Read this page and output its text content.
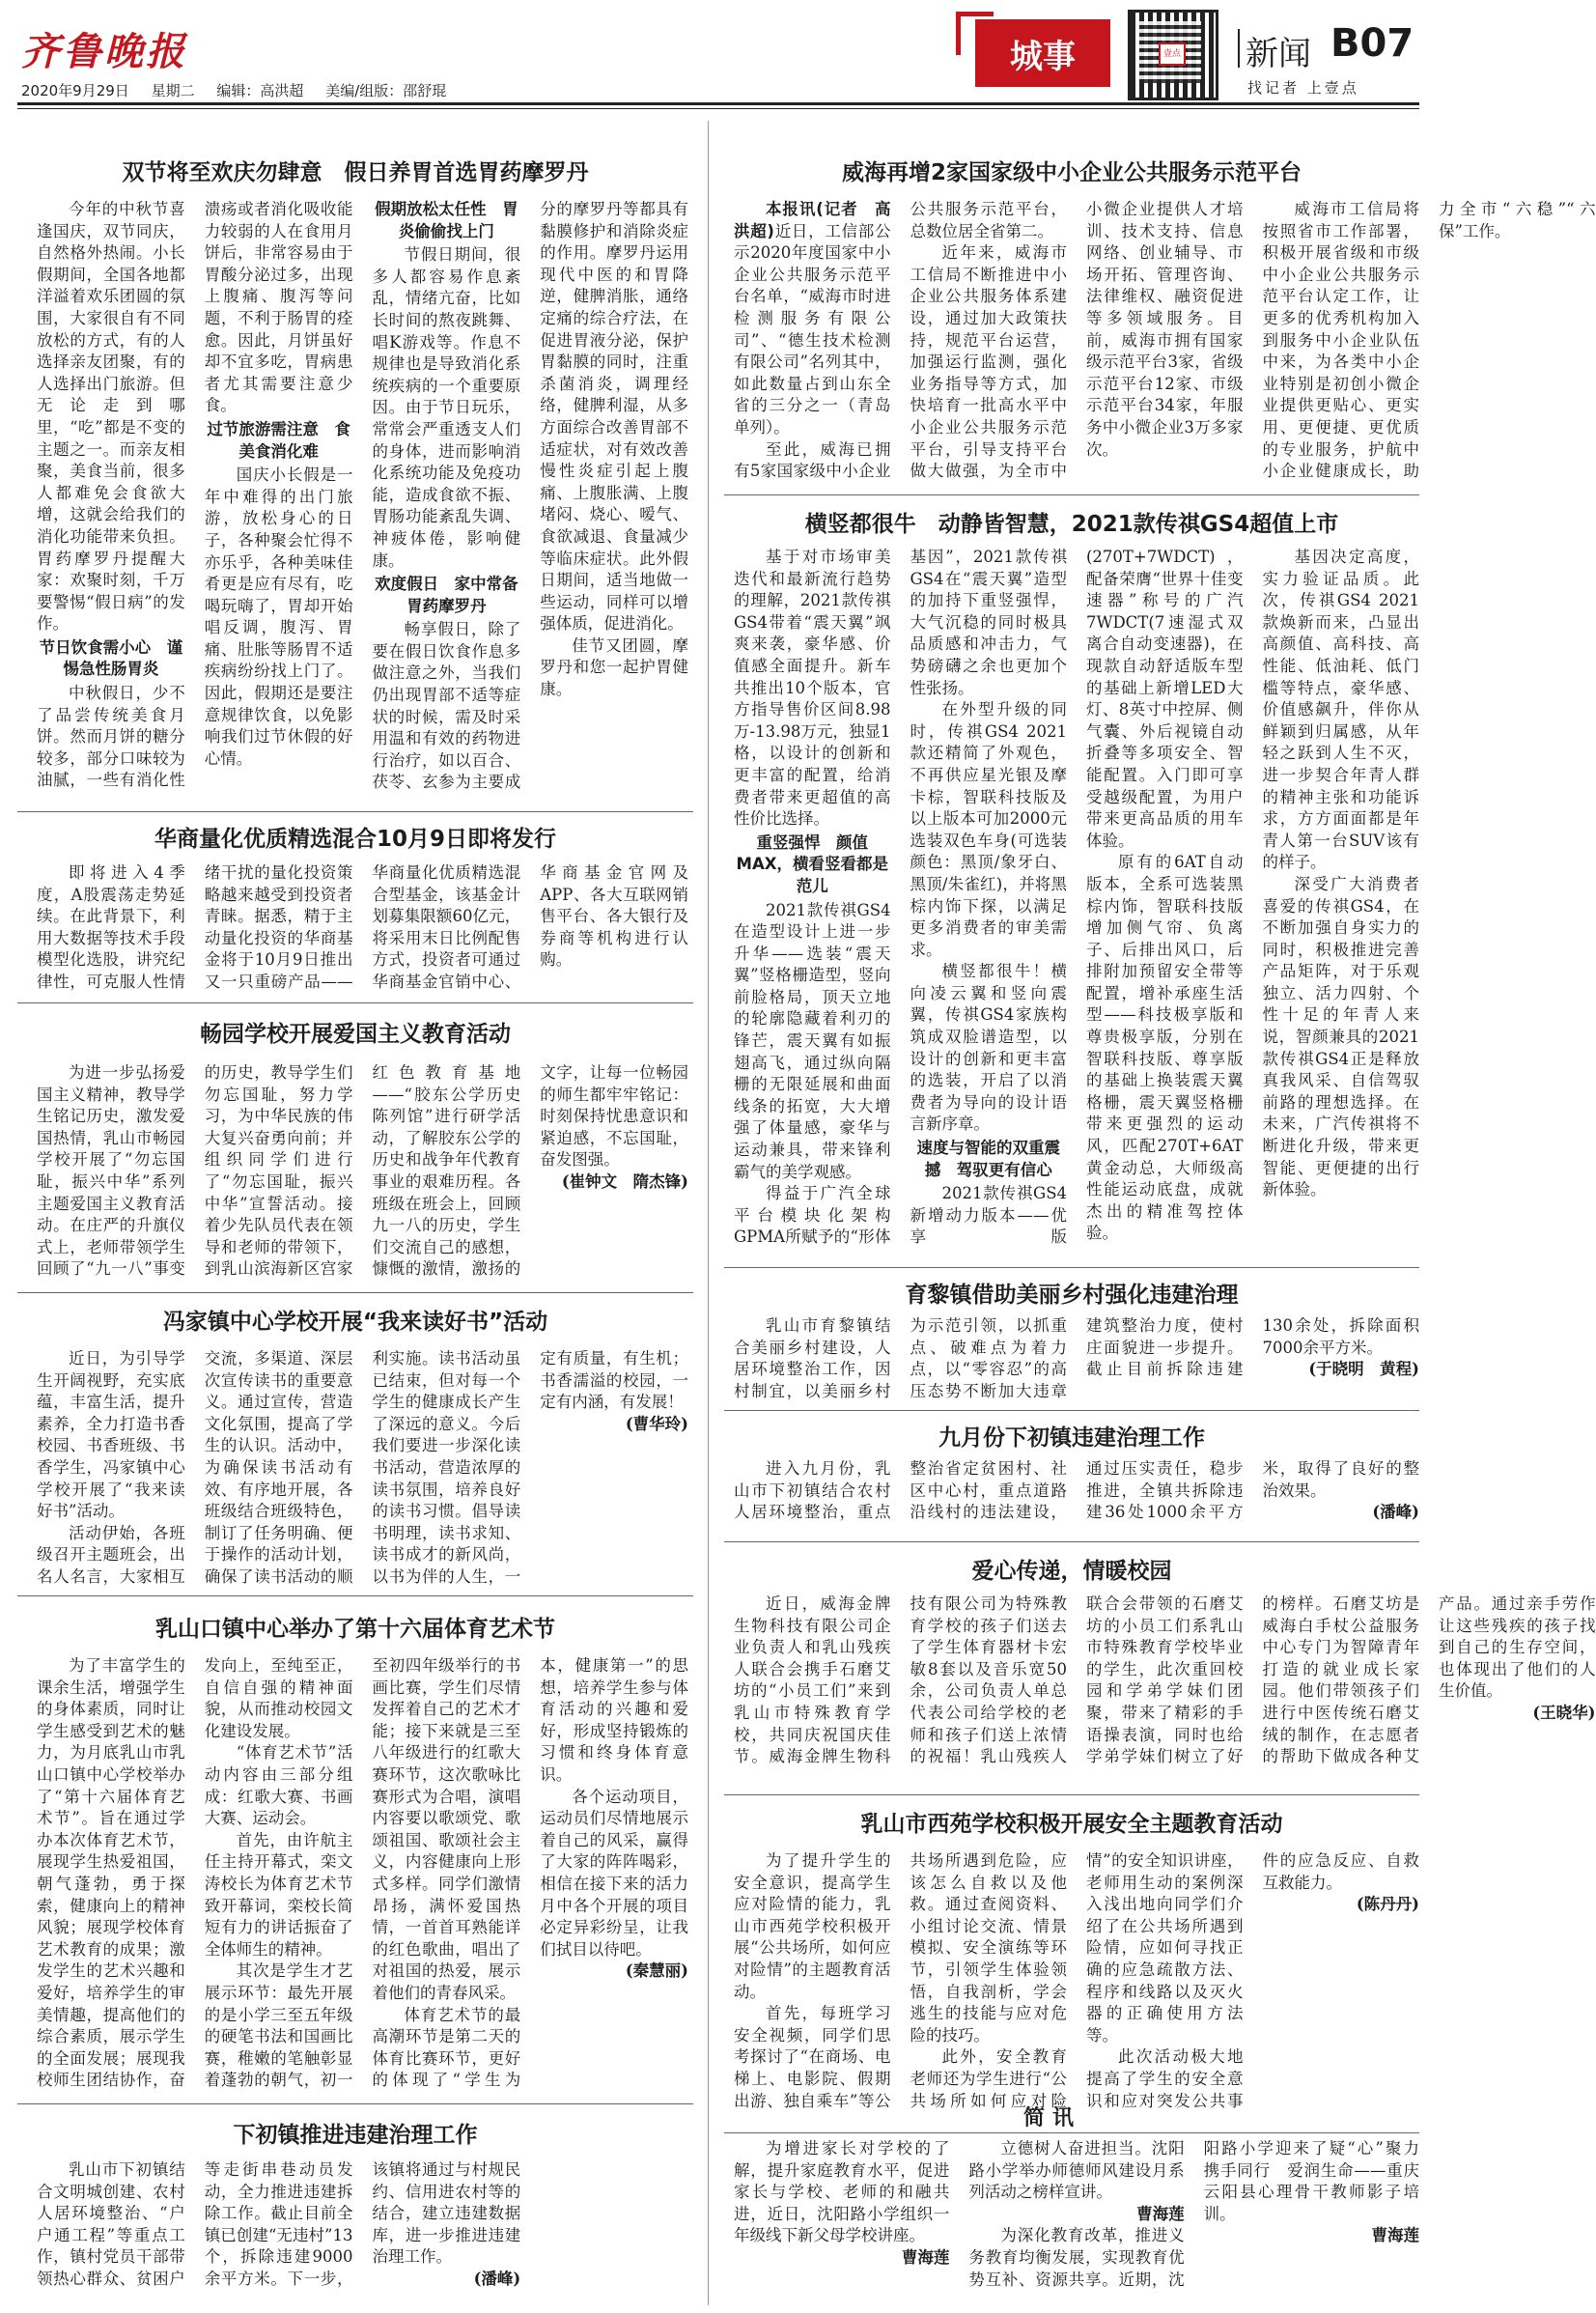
齐鲁晚报
2020年9月29日 星期二 编辑：高洪超 美编/组版：邵舒琨
城事	壹点 新闻 B07
找记者 上壹点
双节将至欢庆勿肆意　假日养胃首选胃药摩罗丹

今年的中秋节喜逢国庆，双节同庆，自然格外热闹。小长假期间，全国各地都洋溢着欢乐团圆的氛围，大家很自有不同放松的方式，有的人选择亲友团聚，有的人选择出门旅游。但无论走到哪里，“吃”都是不变的主题之一。而亲友相聚，美食当前，很多人都难免会食欲大增，这就会给我们的消化功能带来负担。胃药摩罗丹提醒大家：欢聚时刻，千万要警惕“假日病”的发作。

节日饮食需小心　谨惕急性肠胃炎

中秋假日，少不了品尝传统美食月饼。然而月饼的糖分较多，部分口味较为油腻，一些有消化性溃疡或者消化吸收能力较弱的人在食用月饼后，非常容易由于胃酸分泌过多，出现上腹痛、腹泻等问题，不利于肠胃的痊愈。因此，月饼虽好却不宜多吃，胃病患者尤其需要注意少食。

过节旅游需注意　食美食消化难

国庆小长假是一年中难得的出门旅游，放松身心的日子，各种聚会忙得不亦乐乎，各种美味佳肴更是应有尽有，吃喝玩嗨了，胃却开始唱反调，腹泻、胃痛、肚胀等肠胃不适疾病纷纷找上门了。因此，假期还是要注意规律饮食，以免影响我们过节休假的好心情。

假期放松太任性　胃炎偷偷找上门

节假日期间，很多人都容易作息紊乱，情绪亢奋，比如长时间的熬夜跳舞、唱K游戏等。作息不规律也是导致消化系统疾病的一个重要原因。由于节日玩乐，常常会严重透支人们的身体，进而影响消化系统功能及免疫功能，造成食欲不振、胃肠功能紊乱失调、神疲体倦，影响健康。

欢度假日　家中常备胃药摩罗丹

畅享假日，除了要在假日饮食作息多做注意之外，当我们仍出现胃部不适等症状的时候，需及时采用温和有效的药物进行治疗，如以百合、茯苓、玄参为主要成分的摩罗丹等都具有黏膜修护和消除炎症的作用。摩罗丹运用现代中医的和胃降逆，健脾消胀，通络定痛的综合疗法，在促进胃液分泌，保护胃黏膜的同时，注重杀菌消炎，调理经络，健脾利湿，从多方面综合改善胃部不适症状，对有效改善慢性炎症引起上腹痛、上腹胀满、上腹堵闷、烧心、嗳气、食欲减退、食量减少等临床症状。此外假日期间，适当地做一些运动，同样可以增强体质，促进消化。

佳节又团圆，摩罗丹和您一起护胃健康。

华商量化优质精选混合10月9日即将发行

即将进入4季度，A股震荡走势延续。在此背景下，利用大数据等技术手段模型化选股，讲究纪律性，可克服人性情绪干扰的量化投资策略越来越受到投资者青睐。据悉，精于主动量化投资的华商基金将于10月9日推出又一只重磅产品——华商量化优质精选混合型基金，该基金计划募集限额60亿元，将采用末日比例配售方式，投资者可通过华商基金官销中心、华商基金官网及APP、各大互联网销售平台、各大银行及券商等机构进行认购。

畅园学校开展爱国主义教育活动

为进一步弘扬爱国主义精神，教导学生铭记历史，激发爱国热情，乳山市畅园学校开展了“勿忘国耻，振兴中华”系列主题爱国主义教育活动。在庄严的升旗仪式上，老师带领学生回顾了“九一八”事变的历史，教导学生们勿忘国耻，努力学习，为中华民族的伟大复兴奋勇向前；并组织同学们进行了“勿忘国耻，振兴中华”宣誓活动。接着少先队员代表在领导和老师的带领下，到乳山滨海新区宫家红色教育基地——“胶东公学历史陈列馆”进行研学活动，了解胶东公学的历史和战争年代教育事业的艰难历程。各班级在班会上，回顾九一八的历史，学生们交流自己的感想，慷慨的激情，激扬的文字，让每一位畅园的师生都牢牢铭记：时刻保持忧患意识和紧迫感，不忘国耻，奋发图强。

(崔钟文　隋杰锋)
冯家镇中心学校开展“我来读好书”活动

近日，为引导学生开阔视野，充实底蕴，丰富生活，提升素养，全力打造书香校园、书香班级、书香学生，冯家镇中心学校开展了“我来读好书”活动。

活动伊始，各班级召开主题班会，出名人名言，大家相互交流，多渠道、深层次宣传读书的重要意义。通过宣传，营造文化氛围，提高了学生的认识。活动中，为确保读书活动有效、有序地开展，各班级结合班级特色，制订了任务明确、便于操作的活动计划，确保了读书活动的顺利实施。读书活动虽已结束，但对每一个学生的健康成长产生了深远的意义。今后我们要进一步深化读书活动，营造浓厚的读书氛围，培养良好的读书习惯。倡导读书明理，读书求知、读书成才的新风尚，以书为伴的人生，一定有质量，有生机；书香濡溢的校园，一定有内涵，有发展！

(曹华玲)
乳山口镇中心举办了第十六届体育艺术节

为了丰富学生的课余生活，增强学生的身体素质，同时让学生感受到艺术的魅力，为月底乳山市乳山口镇中心学校举办了“第十六届体育艺术节”。旨在通过学办本次体育艺术节，展现学生热爱祖国，朝气蓬勃，勇于探索，健康向上的精神风貌；展现学校体育艺术教育的成果；激发学生的艺术兴趣和爱好，培养学生的审美情趣，提高他们的综合素质，展示学生的全面发展；展现我校师生团结协作，奋发向上，至纯至正，自信自强的精神面貌，从而推动校园文化建设发展。

“体育艺术节”活动内容由三部分组成：红歌大赛、书画大赛、运动会。

首先，由许航主任主持开幕式，栾文涛校长为体育艺术节致开幕词，栾校长简短有力的讲话振奋了全体师生的精神。

其次是学生才艺展示环节：最先开展的是小学三至五年级的硬笔书法和国画比赛，稚嫩的笔触彰显着蓬勃的朝气，初一至初四年级举行的书画比赛，学生们尽情发挥着自己的艺术才能；接下来就是三至八年级进行的红歌大赛环节，这次歌咏比赛形式为合唱，演唱内容要以歌颂党、歌颂祖国、歌颂社会主义，内容健康向上形式多样。同学们激情昂扬，满怀爱国热情，一首首耳熟能详的红色歌曲，唱出了对祖国的热爱，展示着他们的青春风采。

体育艺术节的最高潮环节是第二天的体育比赛环节，更好的体现了“学生为本，健康第一”的思想，培养学生参与体育活动的兴趣和爱好，形成坚持锻炼的习惯和终身体育意识。

各个运动项目，运动员们尽情地展示着自己的风采，赢得了大家的阵阵喝彩，相信在接下来的活力月中各个开展的项目必定异彩纷呈，让我们拭目以待吧。

(秦慧丽)
下初镇推进违建治理工作

乳山市下初镇结合文明城创建、农村人居环境整治、“户户通工程”等重点工作，镇村党员干部带领热心群众、贫困户等走街串巷动员发动，全力推进违建拆除工作。截止目前全镇已创建“无违村”13个，拆除违建9000余平方米。下一步，该镇将通过与村规民约、信用进农村等的结合，建立违建数据库，进一步推进违建治理工作。

(潘峰)
威海再增2家国家级中小企业公共服务示范平台

本报讯(记者　高洪超)近日，工信部公示2020年度国家中小企业公共服务示范平台名单，“威海市时进检测服务有限公司”、“德生技术检测有限公司”名列其中，如此数量占到山东全省的三分之一（青岛单列）。

至此，威海已拥有5家国家级中小企业公共服务示范平台，总数位居全省第二。

近年来，威海市工信局不断推进中小企业公共服务体系建设，通过加大政策扶持，规范平台运营，加强运行监测，强化业务指导等方式，加快培育一批高水平中小企业公共服务示范平台，引导支持平台做大做强，为全市中小微企业提供人才培训、技术支持、信息网络、创业辅导、市场开拓、管理咨询、法律维权、融资促进等多领域服务。目前，威海市拥有国家级示范平台3家，省级示范平台12家、市级示范平台34家，年服务中小微企业3万多家次。

威海市工信局将按照省市工作部署，积极开展省级和市级中小企业公共服务示范平台认定工作，让更多的优秀机构加入到服务中小企业队伍中来，为各类中小企业特别是初创小微企业提供更贴心、更实用、更便捷、更优质的专业服务，护航中小企业健康成长，助力全市“六稳”“六保”工作。

横竖都很牛　动静皆智慧，2021款传祺GS4超值上市

基于对市场审美迭代和最新流行趋势的理解，2021款传祺GS4带着“震天翼”飒爽来袭，豪华感、价值感全面提升。新车共推出10个版本，官方指导售价区间8.98万-13.98万元，独显1格，以设计的创新和更丰富的配置，给消费者带来更超值的高性价比选择。

重竖强悍　颜值MAX，横看竖看都是范儿

2021款传祺GS4在造型设计上进一步升华——选装“震天翼”竖格栅造型，竖向前脸格局，顶天立地的轮廓隐藏着利刃的锋芒，震天翼有如振翅高飞，通过纵向隔栅的无限延展和曲面线条的拓宽，大大增强了体量感，豪华与运动兼具，带来锋利霸气的美学观感。

得益于广汽全球平台模块化架构GPMA所赋予的“形体基因”，2021款传祺GS4在“震天翼”造型的加持下重竖强悍，大气沉稳的同时极具品质感和冲击力，气势磅礴之余也更加个性张扬。

在外型升级的同时，传祺GS4 2021款还精简了外观色，不再供应星光银及摩卡棕，智联科技版及以上版本可加2000元选装双色车身(可选装颜色：黑顶/象牙白、黑顶/朱雀红)，并将黑棕内饰下探，以满足更多消费者的审美需求。

横竖都很牛！横向凌云翼和竖向震翼，传祺GS4家族构筑成双脸谱造型，以设计的创新和更丰富的选装，开启了以消费者为导向的设计语言新序章。

速度与智能的双重震撼　驾驭更有信心

2021款传祺GS4新增动力版本——优享版(270T+7WDCT)，配备荣膺“世界十佳变速器”称号的广汽7WDCT(7速湿式双离合自动变速器)，在现款自动舒适版车型的基础上新增LED大灯、8英寸中控屏、侧气囊、外后视镜自动折叠等多项安全、智能配置。入门即可享受越级配置，为用户带来更高品质的用车体验。

原有的6AT自动版本，全系可选装黑棕内饰，智联科技版增加侧气帘、负离子、后排出风口，后排附加预留安全带等配置，增补承座生活型——科技极享版和尊贵极享版，分别在智联科技版、尊享版的基础上换装震天翼格栅，震天翼竖格栅带来更强烈的运动风，匹配270T+6AT黄金动总，大师级高性能运动底盘，成就杰出的精准驾控体验。

基因决定高度，实力验证品质。此次，传祺GS4 2021款焕新而来，凸显出高颜值、高科技、高性能、低油耗、低门槛等特点，豪华感、价值感飙升，伴你从鲜颖到归属感，从年轻之跃到人生不灭，进一步契合年青人群的精神主张和功能诉求，方方面面都是年青人第一台SUV该有的样子。

深受广大消费者喜爱的传祺GS4，在不断加强自身实力的同时，积极推进完善产品矩阵，对于乐观独立、活力四射、个性十足的年青人来说，智颜兼具的2021款传祺GS4正是释放真我风采、自信驾驭前路的理想选择。在未来，广汽传祺将不断进化升级，带来更智能、更便捷的出行新体验。

育黎镇借助美丽乡村强化违建治理

乳山市育黎镇结合美丽乡村建设，人居环境整治工作，因村制宜，以美丽乡村为示范引领，以抓重点、破难点为着力点，以“零容忍”的高压态势不断加大违章建筑整治力度，使村庄面貌进一步提升。截止目前拆除违建130余处，拆除面积7000余平方米。

(于晓明　黄程)
九月份下初镇违建治理工作

进入九月份，乳山市下初镇结合农村人居环境整治，重点整治省定贫困村、社区中心村，重点道路沿线村的违法建设，通过压实责任，稳步推进，全镇共拆除违建36处1000余平方米，取得了良好的整治效果。

(潘峰)
爱心传递，情暖校园

近日，威海金牌生物科技有限公司企业负责人和乳山残疾人联合会携手石磨艾坊的“小员工们”来到乳山市特殊教育学校，共同庆祝国庆佳节。威海金牌生物科技有限公司为特殊教育学校的孩子们送去了学生体育器材卡宏敏8套以及音乐宽50余，公司负责人单总代表公司给学校的老师和孩子们送上浓情的祝福！乳山残疾人联合会带领的石磨艾坊的小员工们系乳山市特殊教育学校毕业的学生，此次重回校园和学弟学妹们团聚，带来了精彩的手语操表演，同时也给学弟学妹们树立了好的榜样。石磨艾坊是威海白手杖公益服务中心专门为智障青年打造的就业成长家园。他们带领孩子们进行中医传统石磨艾绒的制作，在志愿者的帮助下做成各种艾产品。通过亲手劳作让这些残疾的孩子找到自己的生存空间，也体现出了他们的人生价值。

(王晓华)
乳山市西苑学校积极开展安全主题教育活动

为了提升学生的安全意识，提高学生应对险情的能力，乳山市西苑学校积极开展“公共场所，如何应对险情”的主题教育活动。

首先，每班学习安全视频，同学们思考探讨了“在商场、电梯上、电影院、假期出游、独自乘车”等公共场所遇到危险，应该怎么自救以及他救。通过查阅资料、小组讨论交流、情景模拟、安全演练等环节，引领学生体验领悟，自我剖析，学会逃生的技能与应对危险的技巧。

此外，安全教育老师还为学生进行“公共场所如何应对险情”的安全知识讲座，老师用生动的案例深入浅出地向同学们介绍了在公共场所遇到险情，应如何寻找正确的应急疏散方法、程序和线路以及灭火器的正确使用方法等。

此次活动极大地提高了学生的安全意识和应对突发公共事件的应急反应、自救互救能力。

(陈丹丹)
简讯

为增进家长对学校的了解，提升家庭教育水平，促进家长与学校、老师的和融共进，近日，沈阳路小学组织一年级线下新父母学校讲座。

曹海莲

立德树人奋进担当。沈阳路小学举办师德师风建设月系列活动之榜样宣讲。

曹海莲

为深化教育改革，推进义务教育均衡发展，实现教育优势互补、资源共享。近期，沈阳路小学迎来了疑“心”聚力　携手同行　爱润生命——重庆云阳县心理骨干教师影子培训。

曹海莲
